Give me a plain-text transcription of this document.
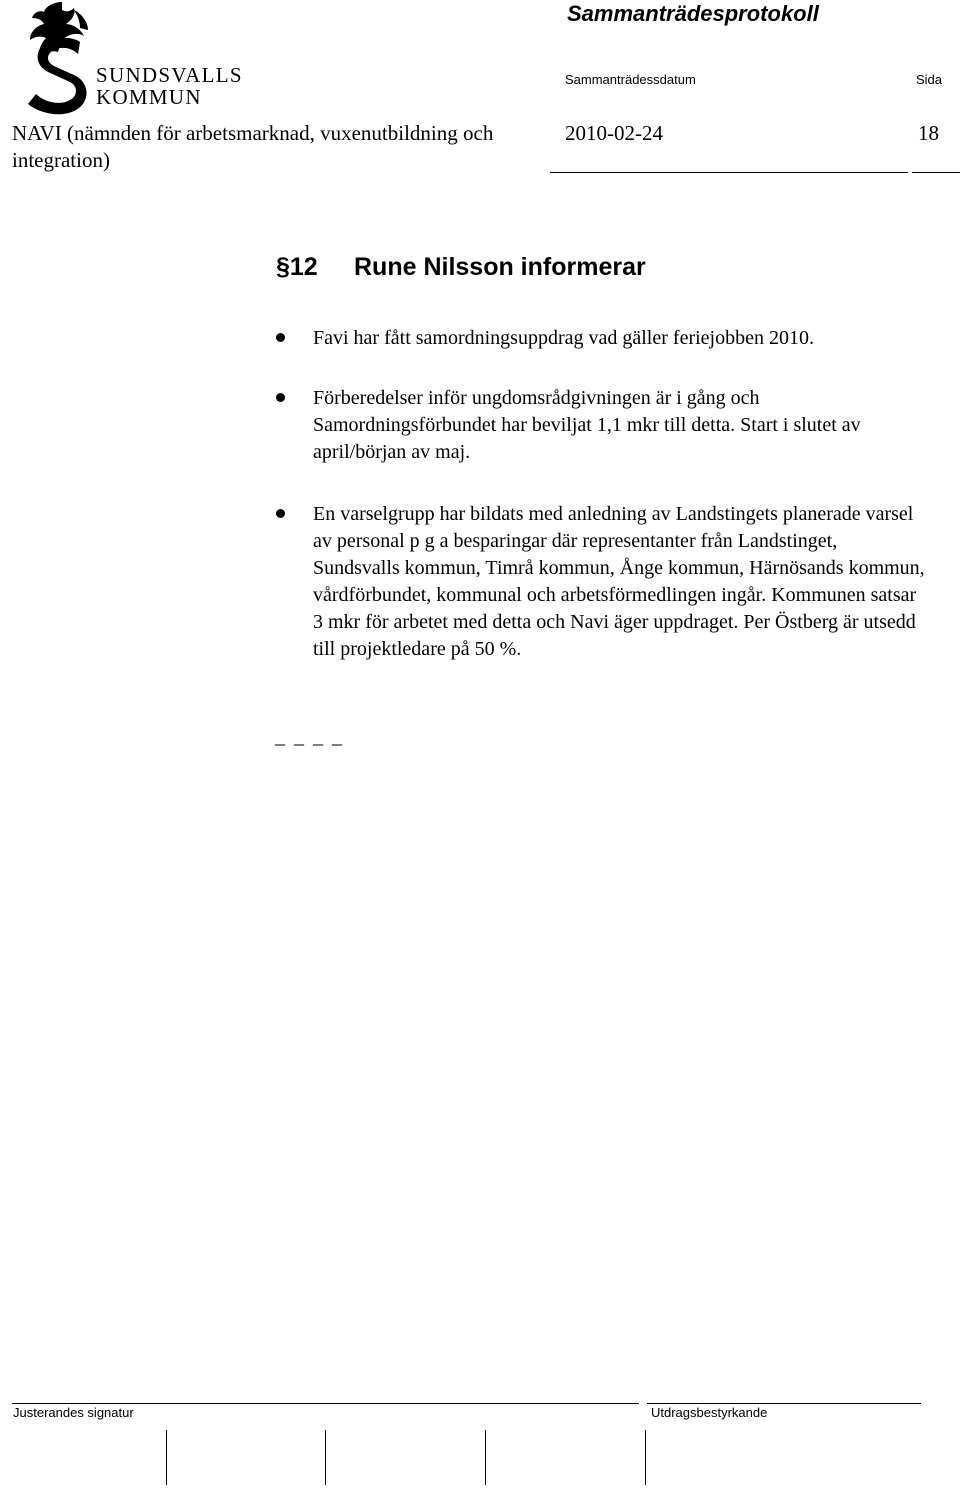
SUNDSVALLS
KOMMUN
Sammanträdesprotokoll
Sammanträdessdatum	Sida
NAVI (nämnden för arbetsmarknad, vuxenutbildning och integration)
2010-02-24	18
§12 Rune Nilsson informerar
Favi har fått samordningsuppdrag vad gäller feriejobben 2010.
Förberedelser inför ungdomsrådgivningen är i gång och Samordningsförbundet har beviljat 1,1 mkr till detta. Start i slutet av april/början av maj.
En varselgrupp har bildats med anledning av Landstingets planerade varsel av personal p g a besparingar där representanter från Landstinget, Sundsvalls kommun, Timrå kommun, Ånge kommun, Härnösands kommun, vårdförbundet, kommunal och arbetsförmedlingen ingår. Kommunen satsar 3 mkr för arbetet med detta och Navi äger uppdraget. Per Östberg är utsedd till projektledare på 50 %.
_ _ _ _
Justerandes signatur	Utdragsbestyrkande
